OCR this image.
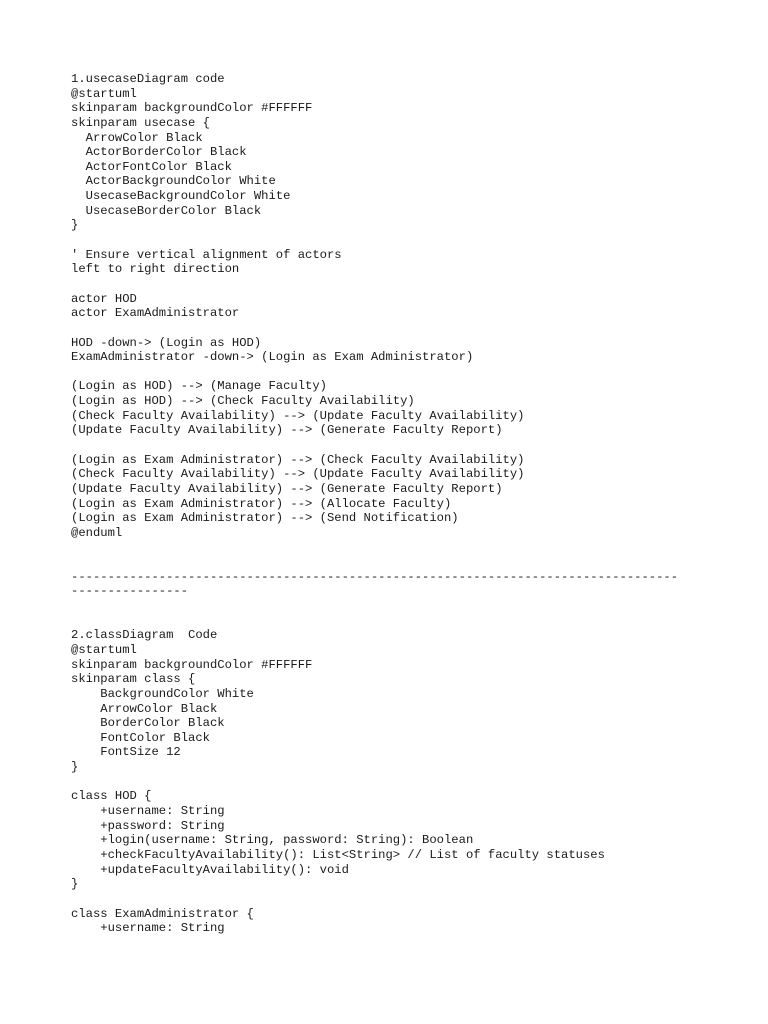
1.usecaseDiagram code
@startuml
skinparam backgroundColor #FFFFFF
skinparam usecase {
ArrowColor Black
ActorBorderColor Black
ActorFontColor Black
ActorBackgroundColor White
UsecaseBackgroundColor White
UsecaseBorderColor Black
}
' Ensure vertical alignment of actors
left to right direction
actor HOD
actor ExamAdministrator
HOD -down-> (Login as HOD)
ExamAdministrator -down-> (Login as Exam Administrator)
(Login as HOD) --> (Manage Faculty)
(Login as HOD) --> (Check Faculty Availability)
(Check Faculty Availability) --> (Update Faculty Availability)
(Update Faculty Availability) --> (Generate Faculty Report)
(Login as Exam Administrator) --> (Check Faculty Availability)
(Check Faculty Availability) --> (Update Faculty Availability)
(Update Faculty Availability) --> (Generate Faculty Report)
(Login as Exam Administrator) --> (Allocate Faculty)
(Login as Exam Administrator) --> (Send Notification)
@enduml
-----------------------------------------------------------------------------------
----------------
2.classDiagram  Code
@startuml
skinparam backgroundColor #FFFFFF
skinparam class {
BackgroundColor White
ArrowColor Black
BorderColor Black
FontColor Black
FontSize 12
}
class HOD {
+username: String
+password: String
+login(username: String, password: String): Boolean
+checkFacultyAvailability(): List<String> // List of faculty statuses
+updateFacultyAvailability(): void
}
class ExamAdministrator {
+username: String
